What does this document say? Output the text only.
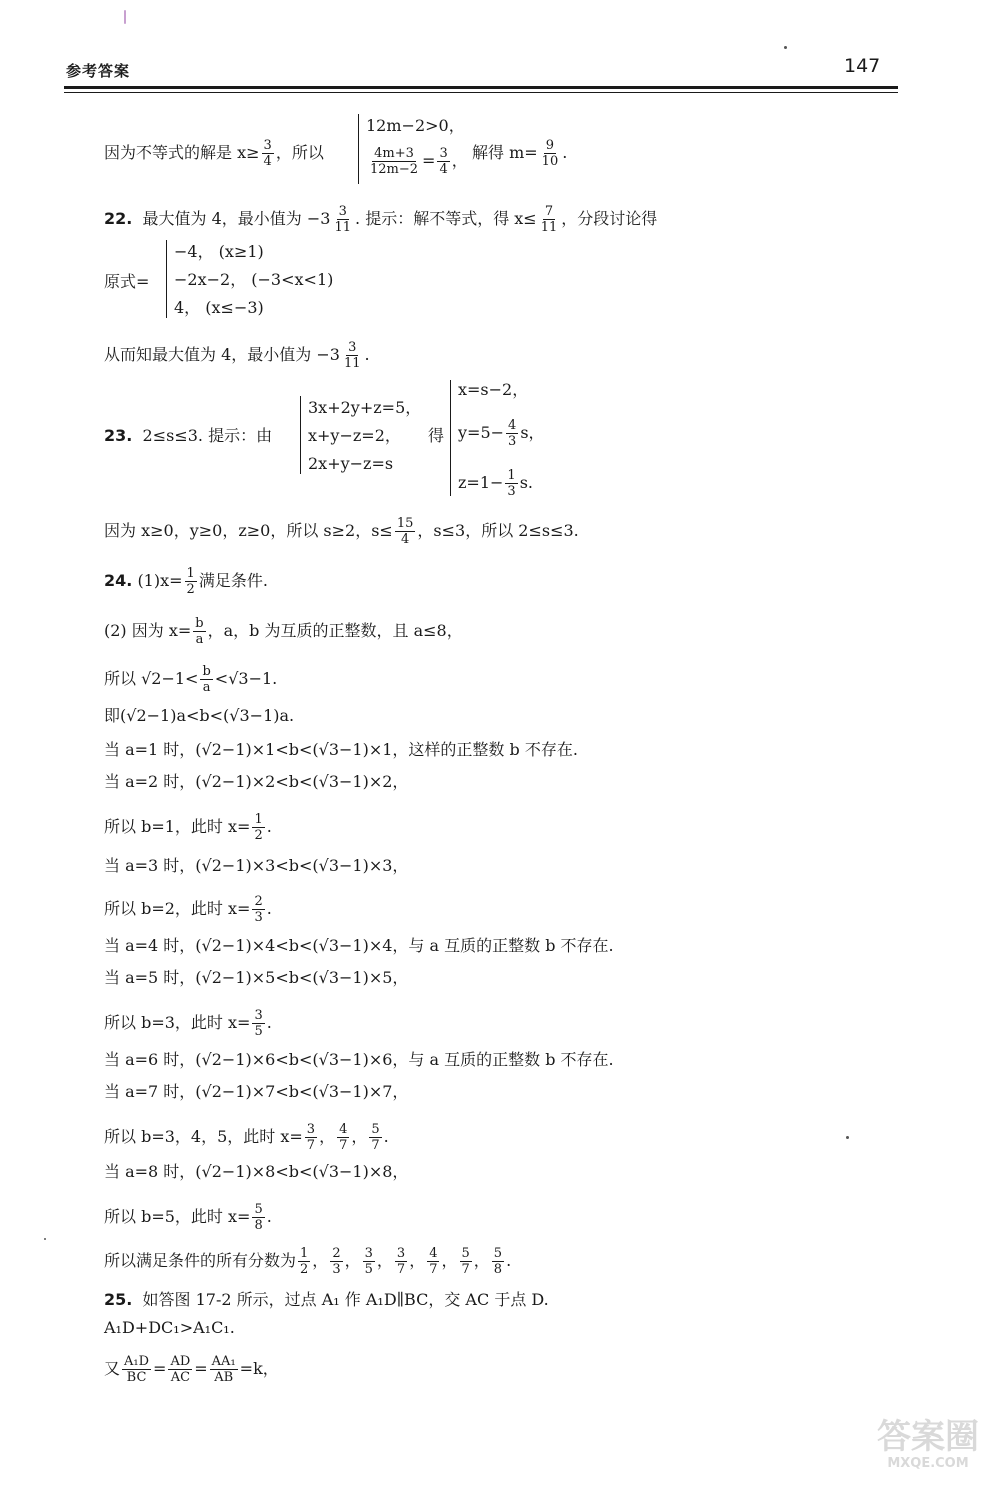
参考答案	147
因为不等式的解是 $x\ge \frac{3}{4}$ ，所以
12m−2>0，
$\frac{4m+3}{12m-2} = \frac{3}{4}$ ， 解得 $m= \frac{9}{10}$ .
22. 最大值为 4，最小值为 $-3 \frac{3}{11}$ . 提示：解不等式，得 $x\le \frac{7}{11}$ ，分段讨论得
原式=
−4， (x≥1)
−2x−2， (−3<x<1)
4， (x≤−3)
从而知最大值为 4，最小值为 $-3 \frac{3}{11}$ .
23. 2≤s≤3. 提示：由
3x+2y+z=5，
x+y−z=2，
2x+y−z=s
得
x=s−2，
$y=5- \frac{4}{3}$ s，
$z=1- \frac{1}{3} s$.
因为 x≥0，y≥0，z≥0，所以 s≥2，$s\le \frac{15}{4}$ ，s≤3，所以 2≤s≤3.
24. $(1)x= \frac{1}{2}$ 满足条件.
(2) 因为 $x= \frac{b}{a}$ ，a，b 为互质的正整数，且 a≤8，
所以 $√2-1< \frac{b}{a} <√3-1$.
即(√2−1)a<b<(√3−1)a.
当 a=1 时，(√2−1)×1<b<(√3−1)×1，这样的正整数 b 不存在.
当 a=2 时，(√2−1)×2<b<(√3−1)×2，
所以 b=1，此时 $x= \frac{1}{2}$ .
当 a=3 时，(√2−1)×3<b<(√3−1)×3，
所以 b=2，此时 $x= \frac{2}{3}$ .
当 a=4 时，(√2−1)×4<b<(√3−1)×4，与 a 互质的正整数 b 不存在.
当 a=5 时，(√2−1)×5<b<(√3−1)×5，
所以 b=3，此时 $x= \frac{3}{5}$ .
当 a=6 时，(√2−1)×6<b<(√3−1)×6，与 a 互质的正整数 b 不存在.
当 a=7 时，(√2−1)×7<b<(√3−1)×7，
所以 b=3，4，5，此时 $x= \frac{3}{7}$ ， $\frac{4}{7}$ ， $\frac{5}{7}$ .
当 a=8 时，(√2−1)×8<b<(√3−1)×8，
所以 b=5，此时 $x= \frac{5}{8}$ .
所以满足条件的所有分数为 $\frac{1}{2}$ ， $\frac{2}{3}$ ， $\frac{3}{5}$ ， $\frac{3}{7}$ ， $\frac{4}{7}$ ， $\frac{5}{7}$ ， $\frac{5}{8}$ .
25. 如答图 17-2 所示，过点 A₁ 作 A₁D∥BC，交 AC 于点 D.
A₁D+DC₁>A₁C₁.
又 $\frac{\text{A₁D}}{BC} = \frac{AD}{AC} = \frac{\text{AA₁}}{AB} =k$，
答案圈
MXQE.COM
